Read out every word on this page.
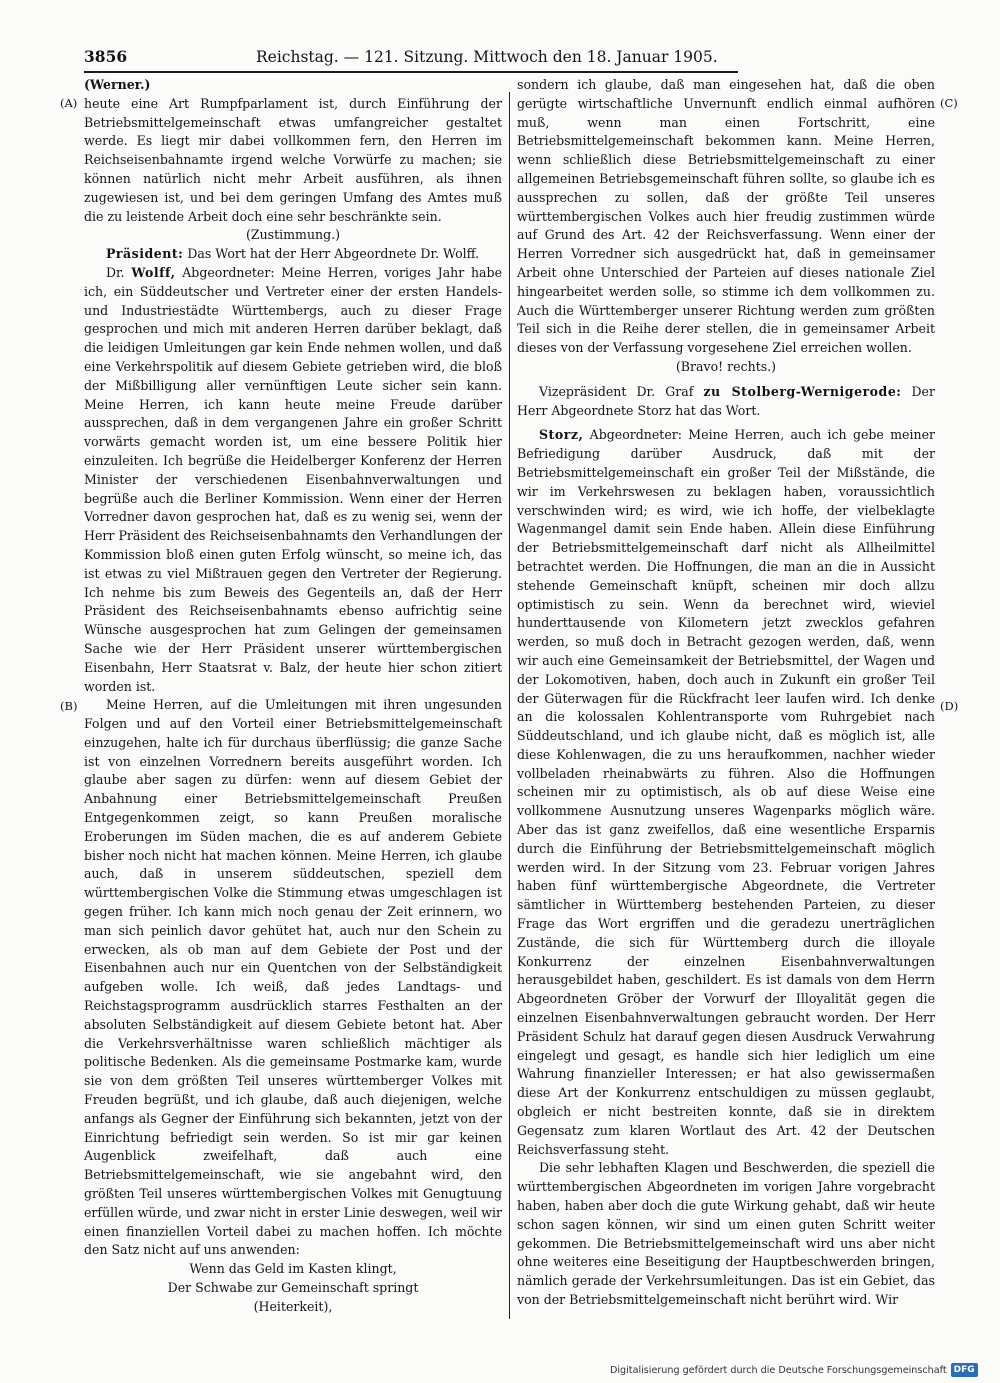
3856	Reichstag. — 121. Sitzung. Mittwoch den 18. Januar 1905.
(A)
(B)
(C)
(D)

(Werner.)

heute eine Art Rumpfparlament ist, durch Einführung der Betriebsmittelgemeinschaft etwas umfangreicher gestaltet werde. Es liegt mir dabei vollkommen fern, den Herren im Reichseisenbahnamte irgend welche Vorwürfe zu machen; sie können natürlich nicht mehr Arbeit ausführen, als ihnen zugewiesen ist, und bei dem geringen Umfang des Amtes muß die zu leistende Arbeit doch eine sehr beschränkte sein.

(Zustimmung.)

Präsident: Das Wort hat der Herr Abgeordnete Dr. Wolff.

Dr. Wolff, Abgeordneter: Meine Herren, voriges Jahr habe ich, ein Süddeutscher und Vertreter einer der ersten Handels- und Industriestädte Württembergs, auch zu dieser Frage gesprochen und mich mit anderen Herren darüber beklagt, daß die leidigen Umleitungen gar kein Ende nehmen wollen, und daß eine Verkehrspolitik auf diesem Gebiete getrieben wird, die bloß der Mißbilligung aller vernünftigen Leute sicher sein kann. Meine Herren, ich kann heute meine Freude darüber aussprechen, daß in dem vergangenen Jahre ein großer Schritt vorwärts gemacht worden ist, um eine bessere Politik hier einzuleiten. Ich begrüße die Heidelberger Konferenz der Herren Minister der verschiedenen Eisenbahnverwaltungen und begrüße auch die Berliner Kommission. Wenn einer der Herren Vorredner davon gesprochen hat, daß es zu wenig sei, wenn der Herr Präsident des Reichseisenbahnamts den Verhandlungen der Kommission bloß einen guten Erfolg wünscht, so meine ich, das ist etwas zu viel Mißtrauen gegen den Vertreter der Regierung. Ich nehme bis zum Beweis des Gegenteils an, daß der Herr Präsident des Reichseisenbahnamts ebenso aufrichtig seine Wünsche ausgesprochen hat zum Gelingen der gemeinsamen Sache wie der Herr Präsident unserer württembergischen Eisenbahn, Herr Staatsrat v. Balz, der heute hier schon zitiert worden ist.

Meine Herren, auf die Umleitungen mit ihren ungesunden Folgen und auf den Vorteil einer Betriebsmittelgemeinschaft einzugehen, halte ich für durchaus überflüssig; die ganze Sache ist von einzelnen Vorrednern bereits ausgeführt worden. Ich glaube aber sagen zu dürfen: wenn auf diesem Gebiet der Anbahnung einer Betriebsmittelgemeinschaft Preußen Entgegenkommen zeigt, so kann Preußen moralische Eroberungen im Süden machen, die es auf anderem Gebiete bisher noch nicht hat machen können. Meine Herren, ich glaube auch, daß in unserem süddeutschen, speziell dem württembergischen Volke die Stimmung etwas umgeschlagen ist gegen früher. Ich kann mich noch genau der Zeit erinnern, wo man sich peinlich davor gehütet hat, auch nur den Schein zu erwecken, als ob man auf dem Gebiete der Post und der Eisenbahnen auch nur ein Quentchen von der Selbständigkeit aufgeben wolle. Ich weiß, daß jedes Landtags- und Reichstagsprogramm ausdrücklich starres Festhalten an der absoluten Selbständigkeit auf diesem Gebiete betont hat. Aber die Verkehrsverhältnisse waren schließlich mächtiger als politische Bedenken. Als die gemeinsame Postmarke kam, wurde sie von dem größten Teil unseres württemberger Volkes mit Freuden begrüßt, und ich glaube, daß auch diejenigen, welche anfangs als Gegner der Einführung sich bekannten, jetzt von der Einrichtung befriedigt sein werden. So ist mir gar keinen Augenblick zweifelhaft, daß auch eine Betriebsmittelgemeinschaft, wie sie angebahnt wird, den größten Teil unseres württembergischen Volkes mit Genugtuung erfüllen würde, und zwar nicht in erster Linie deswegen, weil wir einen finanziellen Vorteil dabei zu machen hoffen. Ich möchte den Satz nicht auf uns anwenden:

Wenn das Geld im Kasten klingt,

Der Schwabe zur Gemeinschaft springt

(Heiterkeit),

sondern ich glaube, daß man eingesehen hat, daß die oben gerügte wirtschaftliche Unvernunft endlich einmal aufhören muß, wenn man einen Fortschritt, eine Betriebsmittelgemeinschaft bekommen kann. Meine Herren, wenn schließlich diese Betriebsmittelgemeinschaft zu einer allgemeinen Betriebsgemeinschaft führen sollte, so glaube ich es aussprechen zu sollen, daß der größte Teil unseres württembergischen Volkes auch hier freudig zustimmen würde auf Grund des Art. 42 der Reichsverfassung. Wenn einer der Herren Vorredner sich ausgedrückt hat, daß in gemeinsamer Arbeit ohne Unterschied der Parteien auf dieses nationale Ziel hingearbeitet werden solle, so stimme ich dem vollkommen zu. Auch die Württemberger unserer Richtung werden zum größten Teil sich in die Reihe derer stellen, die in gemeinsamer Arbeit dieses von der Verfassung vorgesehene Ziel erreichen wollen.

(Bravo! rechts.)

Vizepräsident Dr. Graf zu Stolberg-Wernigerode: Der Herr Abgeordnete Storz hat das Wort.

Storz, Abgeordneter: Meine Herren, auch ich gebe meiner Befriedigung darüber Ausdruck, daß mit der Betriebsmittelgemeinschaft ein großer Teil der Mißstände, die wir im Verkehrswesen zu beklagen haben, voraussichtlich verschwinden wird; es wird, wie ich hoffe, der vielbeklagte Wagenmangel damit sein Ende haben. Allein diese Einführung der Betriebsmittelgemeinschaft darf nicht als Allheilmittel betrachtet werden. Die Hoffnungen, die man an die in Aussicht stehende Gemeinschaft knüpft, scheinen mir doch allzu optimistisch zu sein. Wenn da berechnet wird, wieviel hunderttausende von Kilometern jetzt zwecklos gefahren werden, so muß doch in Betracht gezogen werden, daß, wenn wir auch eine Gemeinsamkeit der Betriebsmittel, der Wagen und der Lokomotiven, haben, doch auch in Zukunft ein großer Teil der Güterwagen für die Rückfracht leer laufen wird. Ich denke an die kolossalen Kohlentransporte vom Ruhrgebiet nach Süddeutschland, und ich glaube nicht, daß es möglich ist, alle diese Kohlenwagen, die zu uns heraufkommen, nachher wieder vollbeladen rheinabwärts zu führen. Also die Hoffnungen scheinen mir zu optimistisch, als ob auf diese Weise eine vollkommene Ausnutzung unseres Wagenparks möglich wäre. Aber das ist ganz zweifellos, daß eine wesentliche Ersparnis durch die Einführung der Betriebsmittelgemeinschaft möglich werden wird. In der Sitzung vom 23. Februar vorigen Jahres haben fünf württembergische Abgeordnete, die Vertreter sämtlicher in Württemberg bestehenden Parteien, zu dieser Frage das Wort ergriffen und die geradezu unerträglichen Zustände, die sich für Württemberg durch die illoyale Konkurrenz der einzelnen Eisenbahnverwaltungen herausgebildet haben, geschildert. Es ist damals von dem Herrn Abgeordneten Gröber der Vorwurf der Illoyalität gegen die einzelnen Eisenbahnverwaltungen gebraucht worden. Der Herr Präsident Schulz hat darauf gegen diesen Ausdruck Verwahrung eingelegt und gesagt, es handle sich hier lediglich um eine Wahrung finanzieller Interessen; er hat also gewissermaßen diese Art der Konkurrenz entschuldigen zu müssen geglaubt, obgleich er nicht bestreiten konnte, daß sie in direktem Gegensatz zum klaren Wortlaut des Art. 42 der Deutschen Reichsverfassung steht.

Die sehr lebhaften Klagen und Beschwerden, die speziell die württembergischen Abgeordneten im vorigen Jahre vorgebracht haben, haben aber doch die gute Wirkung gehabt, daß wir heute schon sagen können, wir sind um einen guten Schritt weiter gekommen. Die Betriebsmittelgemeinschaft wird uns aber nicht ohne weiteres eine Beseitigung der Hauptbeschwerden bringen, nämlich gerade der Verkehrsumleitungen. Das ist ein Gebiet, das von der Betriebsmittelgemeinschaft nicht berührt wird. Wir

Digitalisierung gefördert durch die Deutsche Forschungsgemeinschaft DFG
